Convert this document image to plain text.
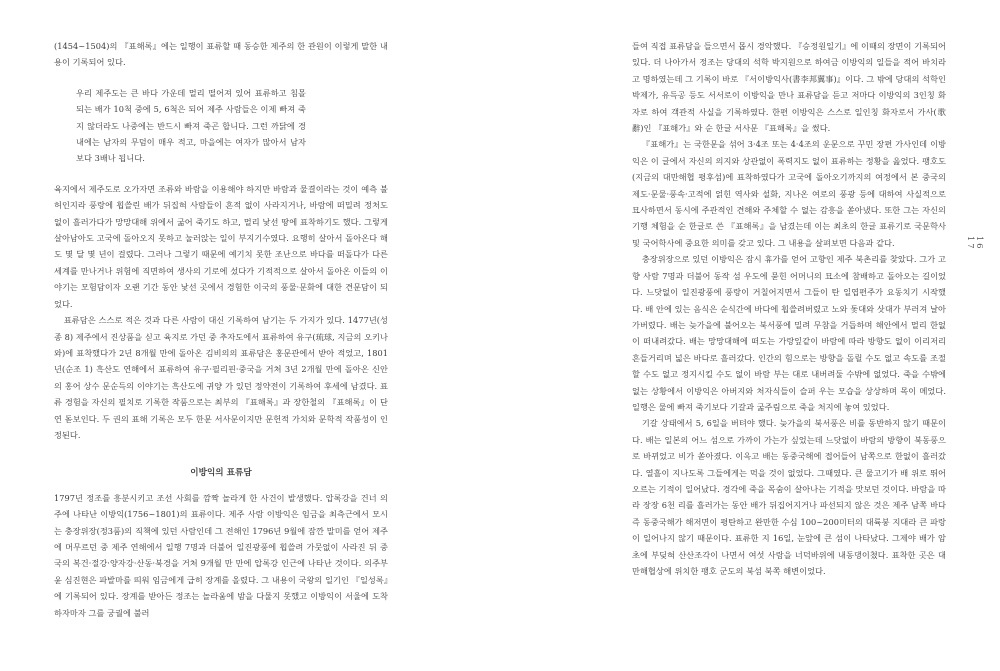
(1454~1504)의 『표해록』에는 일행이 표류할 때 동승한 제주의 한 관원이 이렇게 말한 내용이 기록되어 있다.

우리 제주도는 큰 바다 가운데 멀리 떨어져 있어 표류하고 침몰되는 배가 10척 중에 5, 6척은 되어 제주 사람들은 이제 빠져 죽지 않더라도 나중에는 반드시 빠져 죽곤 합니다. 그런 까닭에 경내에는 남자의 무덤이 매우 적고, 마을에는 여자가 많아서 남자보다 3배나 됩니다.

육지에서 제주도로 오가자면 조류와 바람을 이용해야 하지만 바람과 물결이라는 것이 예측 불허인지라 풍랑에 휩쓸린 배가 뒤집혀 사람들이 흔적 없이 사라지거나, 바람에 떠밀려 정처도 없이 흘러가다가 망망대해 위에서 굶어 죽기도 하고, 멀리 낯선 땅에 표착하기도 했다. 그렇게 살아남아도 고국에 돌아오지 못하고 눌러앉는 일이 부지기수였다. 요행히 살아서 돌아온다 해도 몇 달 몇 년이 걸렸다. 그러나 그렇기 때문에 예기치 못한 조난으로 바다를 떠돌다가 다른 세계를 만나거나 위험에 직면하여 생사의 기로에 섰다가 기적적으로 살아서 돌아온 이들의 이야기는 모험담이자 오랜 기간 동안 낯선 곳에서 경험한 이국의 풍물·문화에 대한 견문담이 되었다.

표류담은 스스로 적은 것과 다른 사람이 대신 기록하여 남기는 두 가지가 있다. 1477년(성종 8) 제주에서 진상품을 싣고 육지로 가던 중 추자도에서 표류하여 유구(琉球, 지금의 오키나와)에 표착했다가 2년 8개월 만에 돌아온 김비의의 표류담은 홍문관에서 받아 적었고, 1801년(순조 1) 흑산도 연해에서 표류하여 유구·필리핀·중국을 거쳐 3년 2개월 만에 돌아온 신안의 홍어 상수 문순득의 이야기는 흑산도에 귀양 가 있던 정약전이 기록하여 후세에 남겼다. 표류 경험을 자신의 필치로 기록한 작품으로는 최부의 『표해록』과 장한철의 『표해록』이 단연 돋보인다. 두 권의 표해 기록은 모두 한문 서사문이지만 문헌적 가치와 문학적 작품성이 인정된다.

이방익의 표류담

1797년 정조를 흥분시키고 조선 사회를 깜짝 놀라게 한 사건이 발생했다. 압록강을 건너 의주에 나타난 이방익(1756~1801)의 표류이다. 제주 사람 이방익은 임금을 최측근에서 모시는 충장위장(정3품)의 직책에 있던 사람인데 그 전해인 1796년 9월에 잠깐 말미를 얻어 제주에 머무르던 중 제주 연해에서 일행 7명과 더불어 일진광풍에 휩쓸려 가뭇없이 사라진 뒤 중국의 복건·절강·양자강·산동·북경을 거쳐 9개월 만 만에 압록강 인근에 나타난 것이다. 의주부윤 심진현은 파발마를 띄워 임금에게 급히 장계를 올렸다. 그 내용이 국왕의 일기인 『일성록』에 기록되어 있다. 장계를 받아든 정조는 놀라움에 밤을 다물지 못했고 이방익이 서울에 도착하자마자 그를 궁궐에 불러

들여 직접 표류담을 들으면서 몹시 경악했다. 『승정원일기』에 이때의 장면이 기록되어 있다. 더 나아가서 정조는 당대의 석학 박지원으로 하여금 이방익의 일들을 적어 바치라고 명하였는데 그 기록이 바로 『서이방익사(書李邦翼事)』이다. 그 밖에 당대의 석학인 박제가, 유득공 등도 서서로이 이방익을 만나 표류담을 듣고 저마다 이방익의 3인칭 화자로 하여 객관적 사실을 기록하였다. 한편 이방익은 스스로 일인칭 화자로서 가사(歌辭)인 『표해가』와 순 한글 서사문 『표해록』을 썼다.

『표해가』는 국한문을 섞어 3·4조 또는 4·4조의 운문으로 꾸민 장편 가사인데 이방익은 이 글에서 자신의 의지와 상관없이 폭력지도 없이 표류하는 정황을 읊었다. 팽호도(지금의 대만해협 평후섬)에 표착하였다가 고국에 돌아오기까지의 여정에서 본 중국의 제도·문물·풍속·고적에 얽힌 역사와 설화, 지나온 여로의 풍광 등에 대하여 사실적으로 묘사하면서 동시에 주관적인 견해와 주체할 수 없는 감흥을 쏟아냈다. 또한 그는 자신의 기행 체험을 순 한글로 쓴 『표해록』을 남겼는데 이는 최초의 한글 표류기로 국문학사 및 국어학사에 중요한 의미를 갖고 있다. 그 내용을 살펴보면 다음과 같다.

충장위장으로 있던 이방익은 잠시 휴가를 얻어 고향인 제주 북촌리를 찾았다. 그가 고향 사람 7명과 더불어 동작 섬 우도에 묻힌 어머니의 묘소에 참배하고 돌아오는 길이었다. 느닷없이 일진광풍에 풍랑이 거칠어지면서 그들이 탄 일엽편주가 요동치기 시작했다. 배 안에 있는 음식은 순식간에 바다에 휩쓸려버렸고 노와 돛대와 삿대가 부러져 날아가버렸다. 배는 늦가을에 불어오는 북서풍에 밀려 무참을 거듭하며 해안에서 멀리 한없이 떠내려갔다. 배는 망망대해에 떠도는 가랑잎같이 바람에 따라 방향도 없이 이리저리 흔들거리며 넓은 바다로 흘러갔다. 인간의 힘으로는 방향을 돌릴 수도 없고 속도를 조절할 수도 없고 정지시킬 수도 없이 바람 부는 대로 내버려둘 수밖에 없었다. 죽을 수밖에 없는 상황에서 이방익은 아버지와 처자식들이 슬퍼 우는 모습을 상상하며 목이 메었다. 일행은 물에 빠져 죽기보다 기갈과 굶주림으로 죽을 처지에 놓여 있었다.

기갈 상태에서 5, 6일을 버텨야 했다. 늦가을의 북서풍은 비를 동반하지 않기 때문이다. 배는 일본의 어느 섬으로 가까이 가는가 싶었는데 느닷없이 바람의 방향이 북동풍으로 바뀌었고 비가 쏟아졌다. 이윽고 배는 동중국해에 접어들어 남쪽으로 한없이 흘러갔다. 열흘이 지나도록 그들에게는 먹을 것이 없었다. 그때였다. 큰 물고기가 배 위로 뛰어오르는 기적이 일어났다. 경각에 죽을 목숨이 살아나는 기적을 맛보던 것이다. 바람을 따라 장장 6천 리를 흘러가는 동안 배가 뒤집어지거나 파선되지 않은 것은 제주 남쪽 바다 즉 동중국해가 해저면이 평탄하고 완만한 수심 100~200미터의 대륙붕 지대라 큰 파랑이 일어나지 않기 때문이다. 표류한 지 16일, 눈앞에 큰 섬이 나타났다. 그제야 배가 암초에 부딪혀 산산조각이 나면서 여섯 사람을 너덕바위에 내동댕이쳤다. 표착한 곳은 대만해협상에 위치한 팽호 군도의 북섬 북쪽 해변이었다.

16
17
